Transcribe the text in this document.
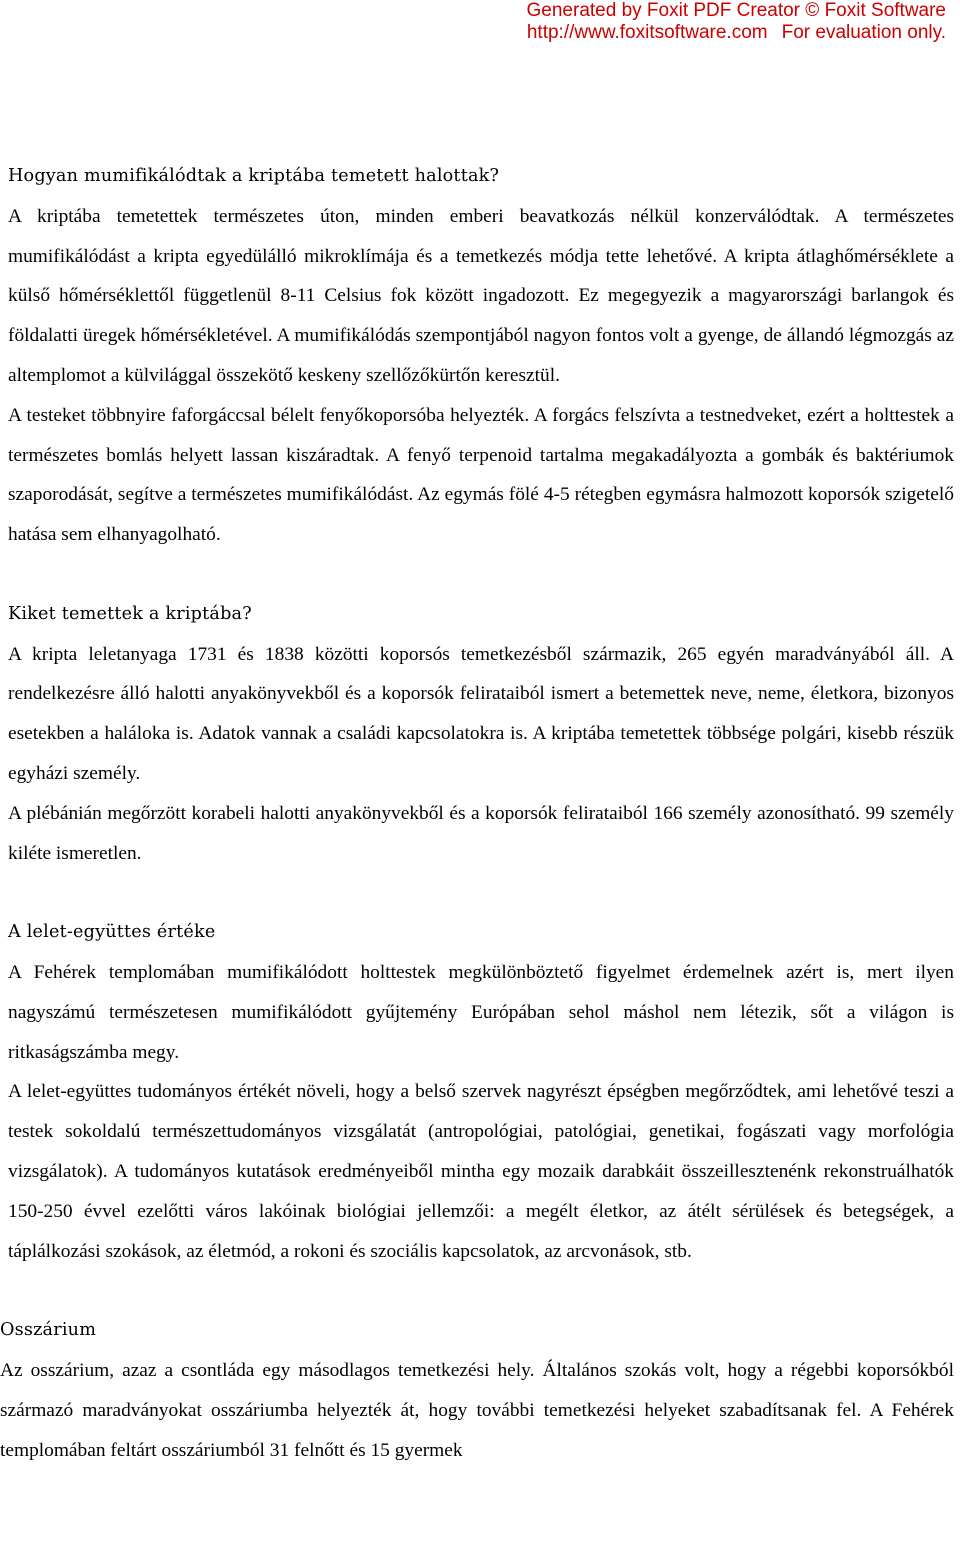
Generated by Foxit PDF Creator © Foxit Software
http://www.foxitsoftware.com For evaluation only.
Hogyan mumifikálódtak a kriptába temetett halottak?

A kriptába temetettek természetes úton, minden emberi beavatkozás nélkül konzerválódtak. A természetes mumifikálódást a kripta egyedülálló mikroklímája és a temetkezés módja tette lehetővé. A kripta átlaghőmérséklete a külső hőmérséklettől függetlenül 8-11 Celsius fok között ingadozott. Ez megegyezik a magyarországi barlangok és földalatti üregek hőmérsékletével. A mumifikálódás szempontjából nagyon fontos volt a gyenge, de állandó légmozgás az altemplomot a külvilággal összekötő keskeny szellőzőkürtőn keresztül.

A testeket többnyire faforgáccsal bélelt fenyőkoporsóba helyezték. A forgács felszívta a testnedveket, ezért a holttestek a természetes bomlás helyett lassan kiszáradtak. A fenyő terpenoid tartalma megakadályozta a gombák és baktériumok szaporodását, segítve a természetes mumifikálódást. Az egymás fölé 4-5 rétegben egymásra halmozott koporsók szigetelő hatása sem elhanyagolható.

Kiket temettek a kriptába?

A kripta leletanyaga 1731 és 1838 közötti koporsós temetkezésből származik, 265 egyén maradványából áll. A rendelkezésre álló halotti anyakönyvekből és a koporsók felirataiból ismert a betemettek neve, neme, életkora, bizonyos esetekben a haláloka is. Adatok vannak a családi kapcsolatokra is. A kriptába temetettek többsége polgári, kisebb részük egyházi személy.

A plébánián megőrzött korabeli halotti anyakönyvekből és a koporsók felirataiból 166 személy azonosítható. 99 személy kiléte ismeretlen.

A lelet-együttes értéke

A Fehérek templomában mumifikálódott holttestek megkülönböztető figyelmet érdemelnek azért is, mert ilyen nagyszámú természetesen mumifikálódott gyűjtemény Európában sehol máshol nem létezik, sőt a világon is ritkaságszámba megy.

A lelet-együttes tudományos értékét növeli, hogy a belső szervek nagyrészt épségben megőrződtek, ami lehetővé teszi a testek sokoldalú természettudományos vizsgálatát (antropológiai, patológiai, genetikai, fogászati vagy morfológia vizsgálatok). A tudományos kutatások eredményeiből mintha egy mozaik darabkáit összeillesztenénk rekonstruálhatók 150-250 évvel ezelőtti város lakóinak biológiai jellemzői: a megélt életkor, az átélt sérülések és betegségek, a táplálkozási szokások, az életmód, a rokoni és szociális kapcsolatok, az arcvonások, stb.

Osszárium

Az osszárium, azaz a csontláda egy másodlagos temetkezési hely. Általános szokás volt, hogy a régebbi koporsókból származó maradványokat osszáriumba helyezték át, hogy további temetkezési helyeket szabadítsanak fel. A Fehérek templomában feltárt osszáriumból 31 felnőtt és 15 gyermek
